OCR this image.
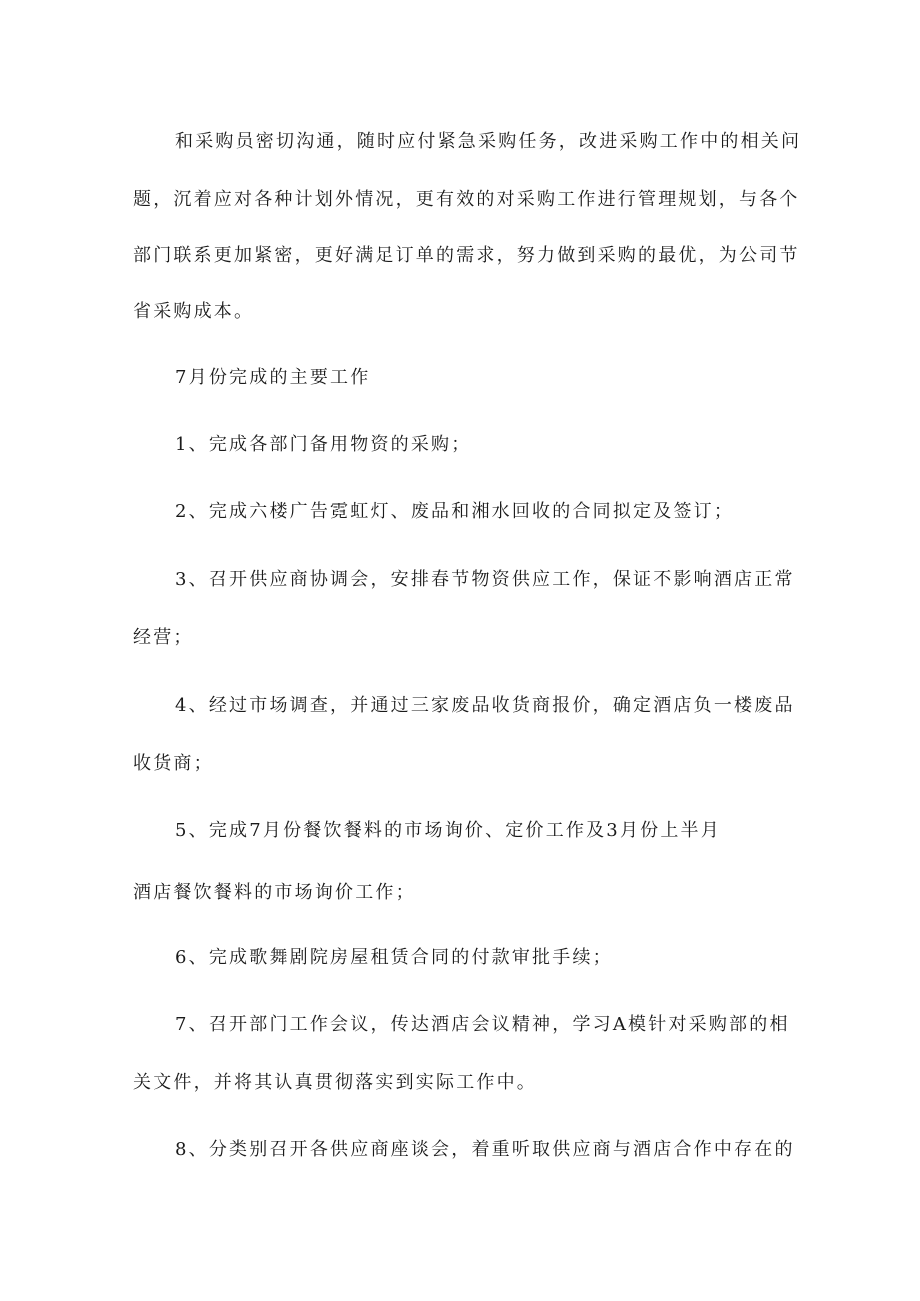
和采购员密切沟通，随时应付紧急采购任务，改进采购工作中的相关问
题，沉着应对各种计划外情况，更有效的对采购工作进行管理规划，与各个
部门联系更加紧密，更好满足订单的需求，努力做到采购的最优，为公司节
省采购成本。
7月份完成的主要工作
1、完成各部门备用物资的采购；
2、完成六楼广告霓虹灯、废品和湘水回收的合同拟定及签订；
3、召开供应商协调会，安排春节物资供应工作，保证不影响酒店正常
经营；
4、经过市场调查，并通过三家废品收货商报价，确定酒店负一楼废品
收货商；
5、完成7月份餐饮餐料的市场询价、定价工作及3月份上半月
酒店餐饮餐料的市场询价工作；
6、完成歌舞剧院房屋租赁合同的付款审批手续；
7、召开部门工作会议，传达酒店会议精神，学习A模针对采购部的相
关文件，并将其认真贯彻落实到实际工作中。
8、分类别召开各供应商座谈会，着重听取供应商与酒店合作中存在的
